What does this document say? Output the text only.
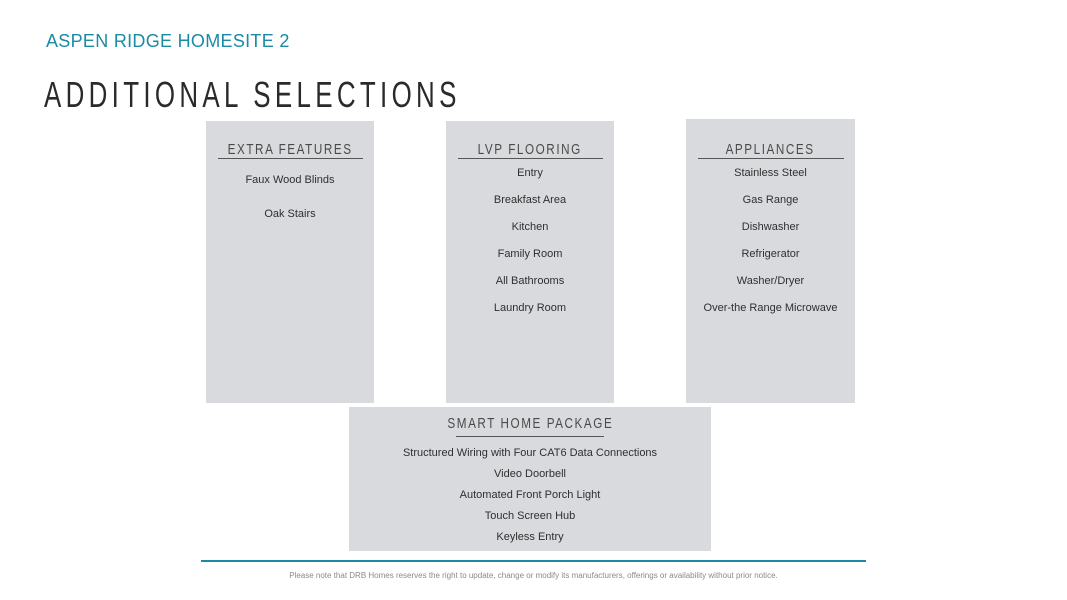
ASPEN RIDGE HOMESITE 2
ADDITIONAL SELECTIONS
EXTRA FEATURES
Faux Wood Blinds
Oak Stairs
LVP FLOORING
Entry
Breakfast Area
Kitchen
Family Room
All Bathrooms
Laundry Room
APPLIANCES
Stainless Steel
Gas Range
Dishwasher
Refrigerator
Washer/Dryer
Over-the Range Microwave
SMART HOME PACKAGE
Structured Wiring with Four CAT6 Data Connections
Video Doorbell
Automated Front Porch Light
Touch Screen Hub
Keyless Entry
Please note that DRB Homes reserves the right to update, change or modify its manufacturers, offerings or availability without prior notice.
